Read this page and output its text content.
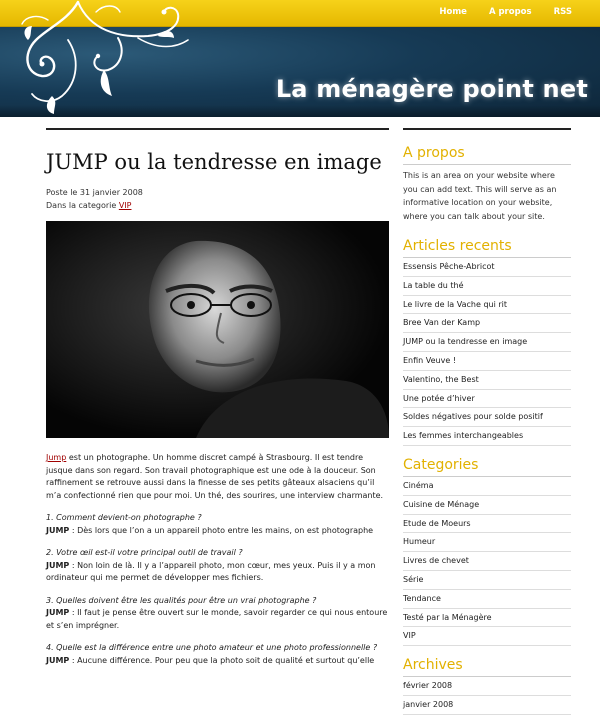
Home	A propos	RSS
La ménagère point net
JUMP ou la tendresse en image
Poste le 31 janvier 2008
Dans la categorie VIP

Jump est un photographe. Un homme discret campé à Strasbourg. Il est tendre jusque dans son regard. Son travail photographique est une ode à la douceur. Son raffinement se retrouve aussi dans la finesse de ses petits gâteaux alsaciens qu’il m’a confectionné rien que pour moi. Un thé, des sourires, une interview charmante.

1. Comment devient-on photographe ?
JUMP : Dès lors que l’on a un appareil photo entre les mains, on est photographe

2. Votre œil est-il votre principal outil de travail ?
JUMP : Non loin de là. Il y a l’appareil photo, mon cœur, mes yeux. Puis il y a mon ordinateur qui me permet de développer mes fichiers.

3. Quelles doivent être les qualités pour être un vrai photographe ?
JUMP : Il faut je pense être ouvert sur le monde, savoir regarder ce qui nous entoure et s’en imprégner.

4. Quelle est la différence entre une photo amateur et une photo professionnelle ?
JUMP : Aucune différence. Pour peu que la photo soit de qualité et surtout qu’elle

A propos
This is an area on your website where you can add text. This will serve as an informative location on your website, where you can talk about your site.
Articles recents
Essensis Pêche-Abricot
La table du thé
Le livre de la Vache qui rit
Bree Van der Kamp
JUMP ou la tendresse en image
Enfin Veuve !
Valentino, the Best
Une potée d’hiver
Soldes négatives pour solde positif
Les femmes interchangeables
Categories
Cinéma
Cuisine de Ménage
Etude de Moeurs
Humeur
Livres de chevet
Série
Tendance
Testé par la Ménagère
VIP
Archives
février 2008
janvier 2008
